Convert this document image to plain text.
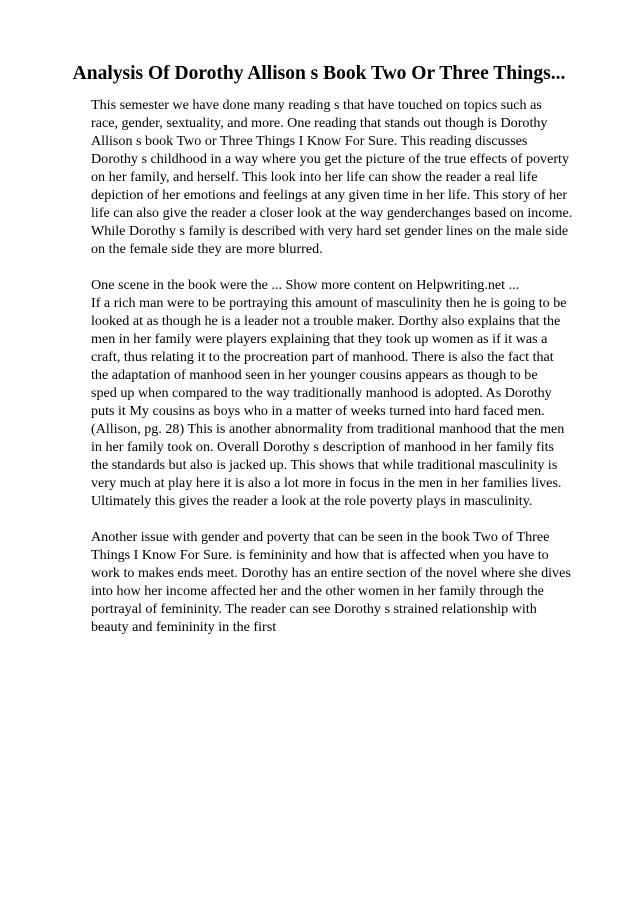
Analysis Of Dorothy Allison s Book Two Or Three Things...
This semester we have done many reading s that have touched on topics such as
race, gender, sextuality, and more. One reading that stands out though is Dorothy
Allison s book Two or Three Things I Know For Sure. This reading discusses
Dorothy s childhood in a way where you get the picture of the true effects of poverty
on her family, and herself. This look into her life can show the reader a real life
depiction of her emotions and feelings at any given time in her life. This story of her
life can also give the reader a closer look at the way genderchanges based on income.
While Dorothy s family is described with very hard set gender lines on the male side
on the female side they are more blurred.
One scene in the book were the ... Show more content on Helpwriting.net ...
If a rich man were to be portraying this amount of masculinity then he is going to be
looked at as though he is a leader not a trouble maker. Dorthy also explains that the
men in her family were players explaining that they took up women as if it was a
craft, thus relating it to the procreation part of manhood. There is also the fact that
the adaptation of manhood seen in her younger cousins appears as though to be
sped up when compared to the way traditionally manhood is adopted. As Dorothy
puts it My cousins as boys who in a matter of weeks turned into hard faced men.
(Allison, pg. 28) This is another abnormality from traditional manhood that the men
in her family took on. Overall Dorothy s description of manhood in her family fits
the standards but also is jacked up. This shows that while traditional masculinity is
very much at play here it is also a lot more in focus in the men in her families lives.
Ultimately this gives the reader a look at the role poverty plays in masculinity.
Another issue with gender and poverty that can be seen in the book Two of Three
Things I Know For Sure. is femininity and how that is affected when you have to
work to makes ends meet. Dorothy has an entire section of the novel where she dives
into how her income affected her and the other women in her family through the
portrayal of femininity. The reader can see Dorothy s strained relationship with
beauty and femininity in the first
